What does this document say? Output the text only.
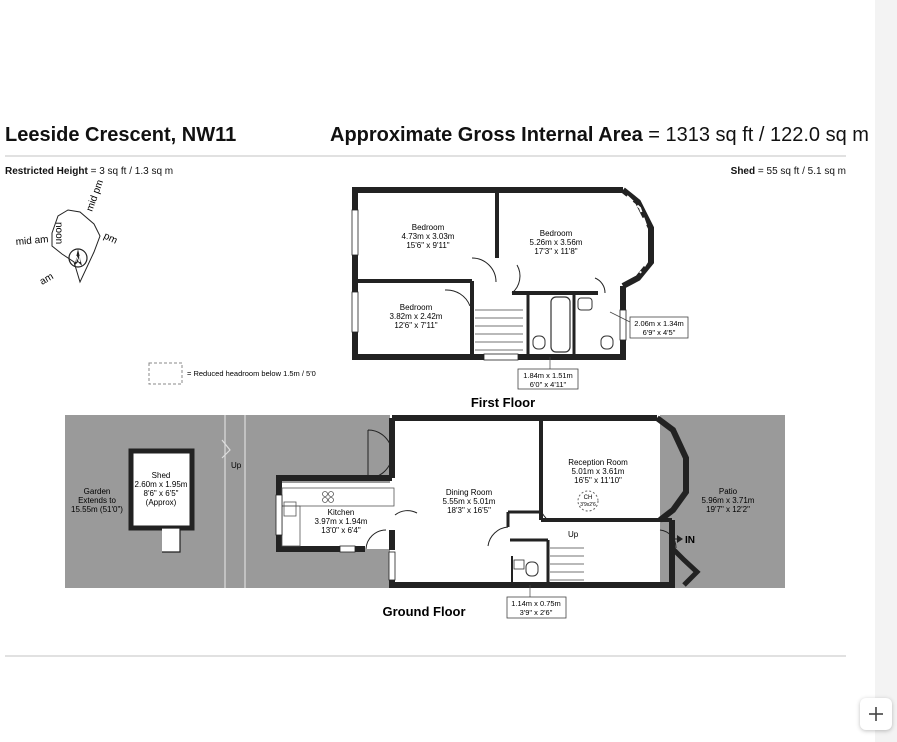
Leeside Crescent, NW11	Approximate Gross Internal Area = 1313 sq ft / 122.0 sq m
Restricted Height = 3 sq ft / 1.3 sq m	Shed = 55 sq ft / 5.1 sq m
N
mid pm
noon
mid am	pm
am
= Reduced headroom below 1.5m / 5'0
Bedroom
4.73m x 3.03m
15'6" x 9'11"
Bedroom
5.26m x 3.56m
17'3" x 11'8"
Bedroom
3.82m x 2.42m
12'6" x 7'11"	2.06m x 1.34m
6'9" x 4'5"
1.84m x 1.51m
6'0" x 4'11"
First Floor
Shed
2.60m x 1.95m
8'6" x 6'5"
(Approx)
Garden
Extends to
15.55m (51'0")
Up
Up
CH
3'9x2'6
Kitchen
3.97m x 1.94m
13'0" x 6'4"
Dining Room
5.55m x 5.01m
18'3" x 16'5"
Reception Room
5.01m x 3.61m
16'5" x 11'10"
Patio
5.96m x 3.71m
19'7" x 12'2"
IN
1.14m x 0.75m
3'9" x 2'6"
Ground Floor
